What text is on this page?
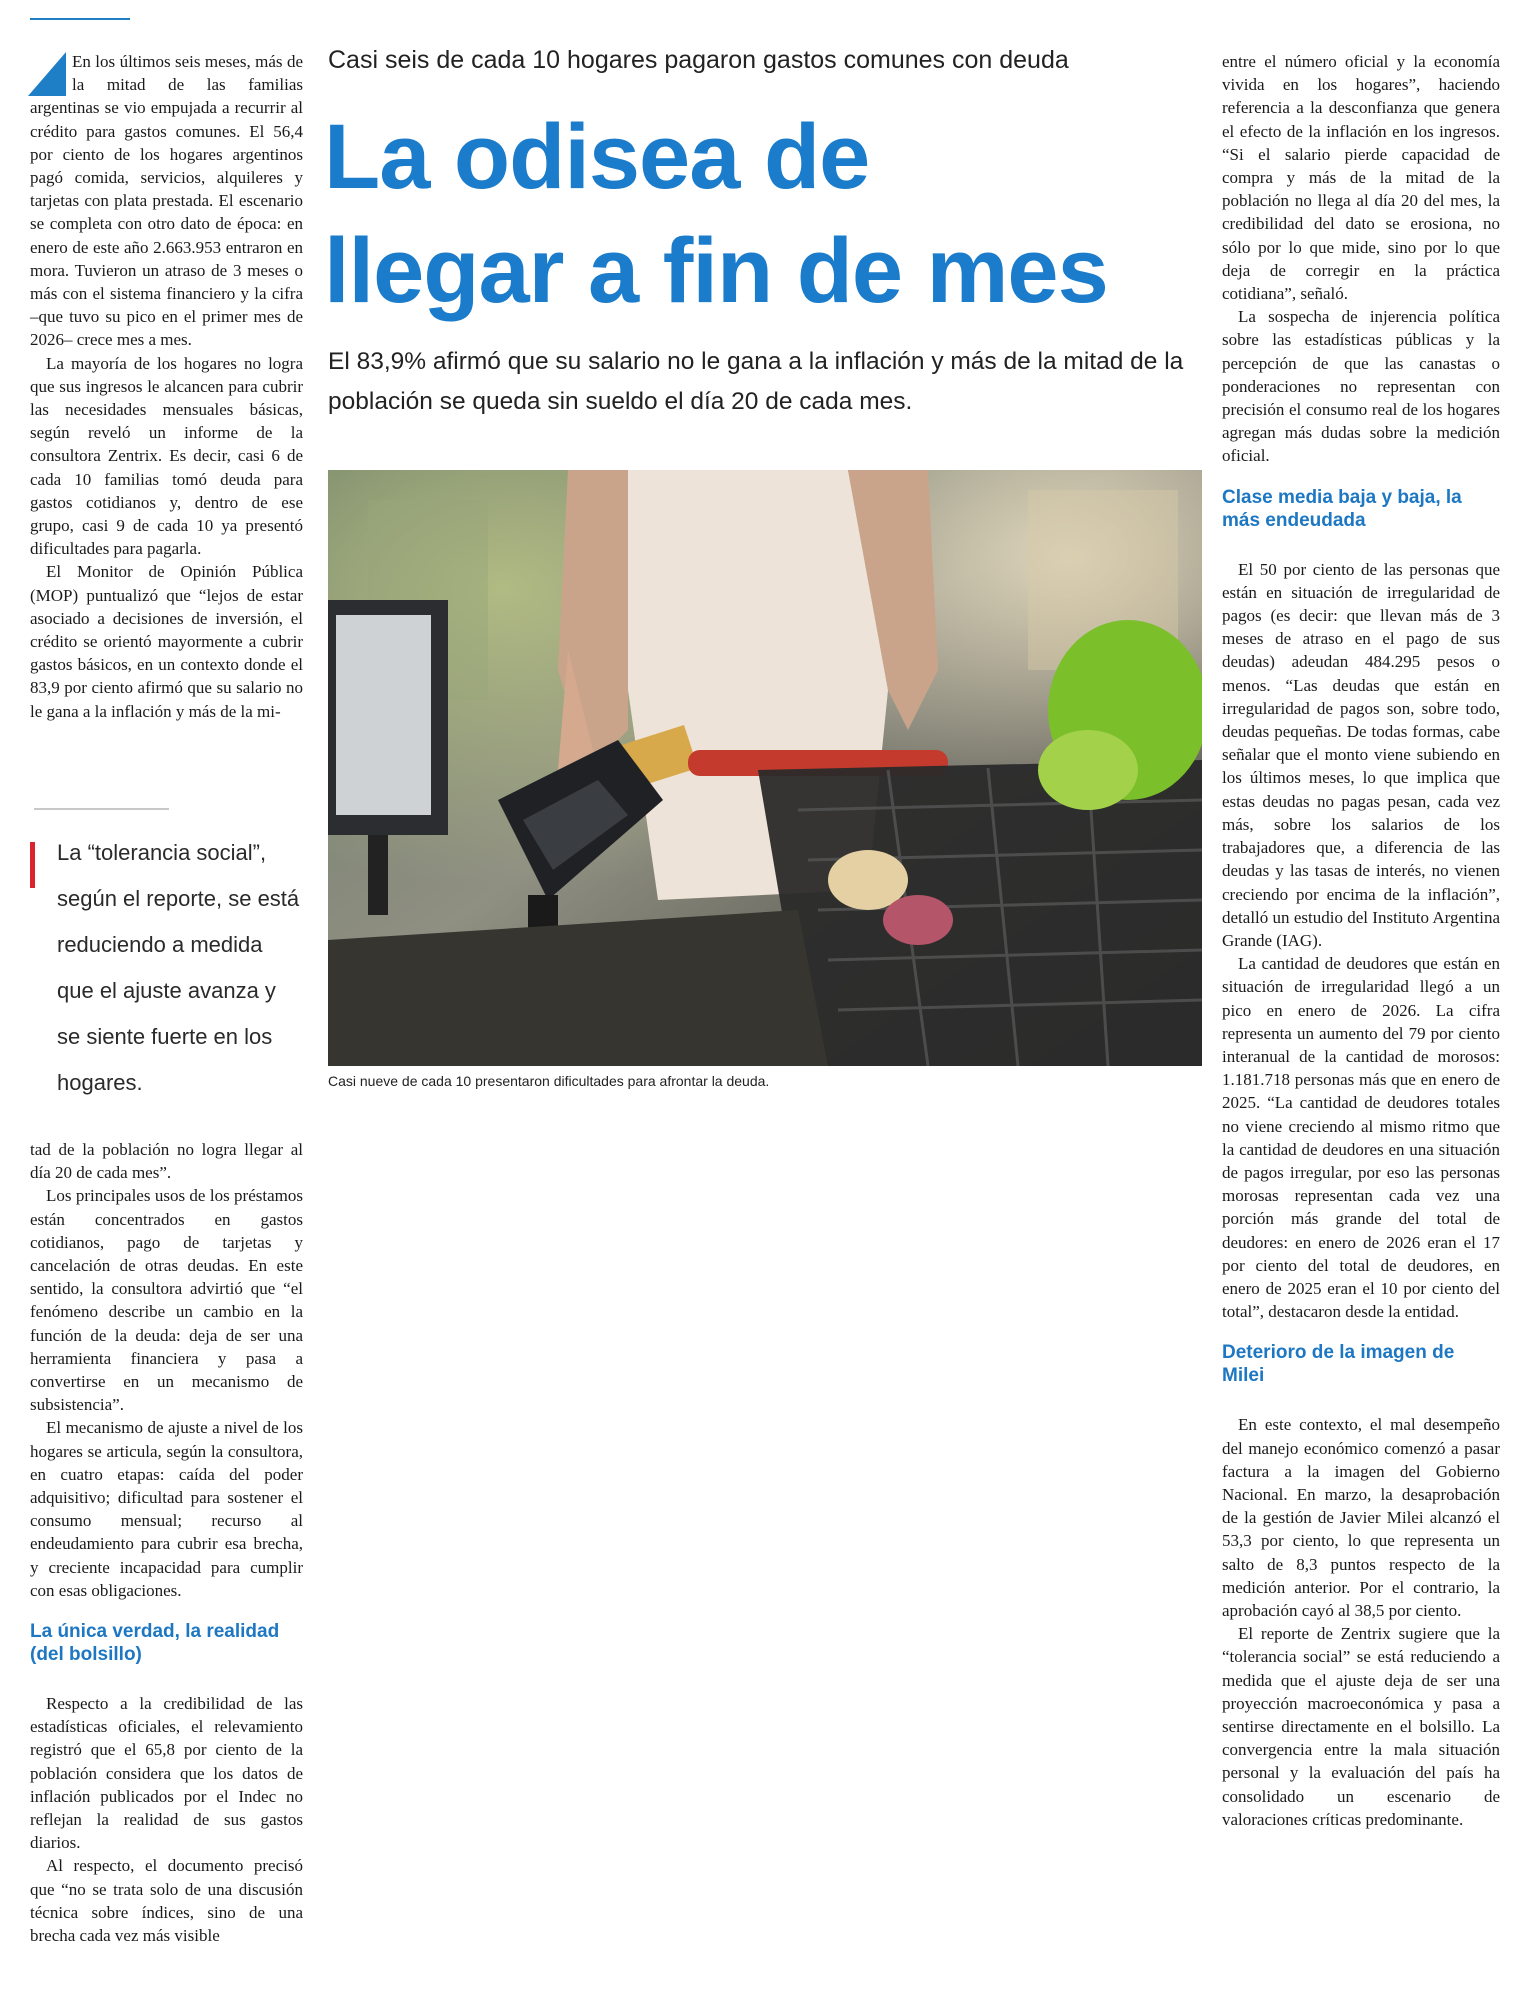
En los últimos seis meses, más de la mitad de las familias argentinas se vio empujada a recurrir al crédito para gastos comunes. El 56,4 por ciento de los hogares argentinos pagó comida, servicios, alquileres y tarjetas con plata prestada. El escenario se completa con otro dato de época: en enero de este año 2.663.953 entraron en mora. Tuvieron un atraso de 3 meses o más con el sistema financiero y la cifra –que tuvo su pico en el primer mes de 2026– crece mes a mes.

La mayoría de los hogares no logra que sus ingresos le alcancen para cubrir las necesidades mensuales básicas, según reveló un informe de la consultora Zentrix. Es decir, casi 6 de cada 10 familias tomó deuda para gastos cotidianos y, dentro de ese grupo, casi 9 de cada 10 ya presentó dificultades para pagarla.

El Monitor de Opinión Pública (MOP) puntualizó que “lejos de estar asociado a decisiones de inversión, el crédito se orientó mayormente a cubrir gastos básicos, en un contexto donde el 83,9 por ciento afirmó que su salario no le gana a la inflación y más de la mi-

La “tolerancia social”, según el reporte, se está reduciendo a medida que el ajuste avanza y se siente fuerte en los hogares.

tad de la población no logra llegar al día 20 de cada mes”.

Los principales usos de los préstamos están concentrados en gastos cotidianos, pago de tarjetas y cancelación de otras deudas. En este sentido, la consultora advirtió que “el fenómeno describe un cambio en la función de la deuda: deja de ser una herramienta financiera y pasa a convertirse en un mecanismo de subsistencia”.

El mecanismo de ajuste a nivel de los hogares se articula, según la consultora, en cuatro etapas: caída del poder adquisitivo; dificultad para sostener el consumo mensual; recurso al endeudamiento para cubrir esa brecha, y creciente incapacidad para cumplir con esas obligaciones.

La única verdad, la realidad (del bolsillo)

Respecto a la credibilidad de las estadísticas oficiales, el relevamiento registró que el 65,8 por ciento de la población considera que los datos de inflación publicados por el Indec no reflejan la realidad de sus gastos diarios.

Al respecto, el documento precisó que “no se trata solo de una discusión técnica sobre índices, sino de una brecha cada vez más visible

Casi seis de cada 10 hogares pagaron gastos comunes con deuda
La odisea de
llegar a fin de mes
El 83,9% afirmó que su salario no le gana a la inflación y más de la mitad de la población se queda sin sueldo el día 20 de cada mes.
Casi nueve de cada 10 presentaron dificultades para afrontar la deuda.

entre el número oficial y la economía vivida en los hogares”, haciendo referencia a la desconfianza que genera el efecto de la inflación en los ingresos. “Si el salario pierde capacidad de compra y más de la mitad de la población no llega al día 20 del mes, la credibilidad del dato se erosiona, no sólo por lo que mide, sino por lo que deja de corregir en la práctica cotidiana”, señaló.

La sospecha de injerencia política sobre las estadísticas públicas y la percepción de que las canastas o ponderaciones no representan con precisión el consumo real de los hogares agregan más dudas sobre la medición oficial.

Clase media baja y baja, la más endeudada

El 50 por ciento de las personas que están en situación de irregularidad de pagos (es decir: que llevan más de 3 meses de atraso en el pago de sus deudas) adeudan 484.295 pesos o menos. “Las deudas que están en irregularidad de pagos son, sobre todo, deudas pequeñas. De todas formas, cabe señalar que el monto viene subiendo en los últimos meses, lo que implica que estas deudas no pagas pesan, cada vez más, sobre los salarios de los trabajadores que, a diferencia de las deudas y las tasas de interés, no vienen creciendo por encima de la inflación”, detalló un estudio del Instituto Argentina Grande (IAG).

La cantidad de deudores que están en situación de irregularidad llegó a un pico en enero de 2026. La cifra representa un aumento del 79 por ciento interanual de la cantidad de morosos: 1.181.718 personas más que en enero de 2025. “La cantidad de deudores totales no viene creciendo al mismo ritmo que la cantidad de deudores en una situación de pagos irregular, por eso las personas morosas representan cada vez una porción más grande del total de deudores: en enero de 2026 eran el 17 por ciento del total de deudores, en enero de 2025 eran el 10 por ciento del total”, destacaron desde la entidad.

Deterioro de la imagen de Milei

En este contexto, el mal desempeño del manejo económico comenzó a pasar factura a la imagen del Gobierno Nacional. En marzo, la desaprobación de la gestión de Javier Milei alcanzó el 53,3 por ciento, lo que representa un salto de 8,3 puntos respecto de la medición anterior. Por el contrario, la aprobación cayó al 38,5 por ciento.

El reporte de Zentrix sugiere que la “tolerancia social” se está reduciendo a medida que el ajuste deja de ser una proyección macroeconómica y pasa a sentirse directamente en el bolsillo. La convergencia entre la mala situación personal y la evaluación del país ha consolidado un escenario de valoraciones críticas predominante.
